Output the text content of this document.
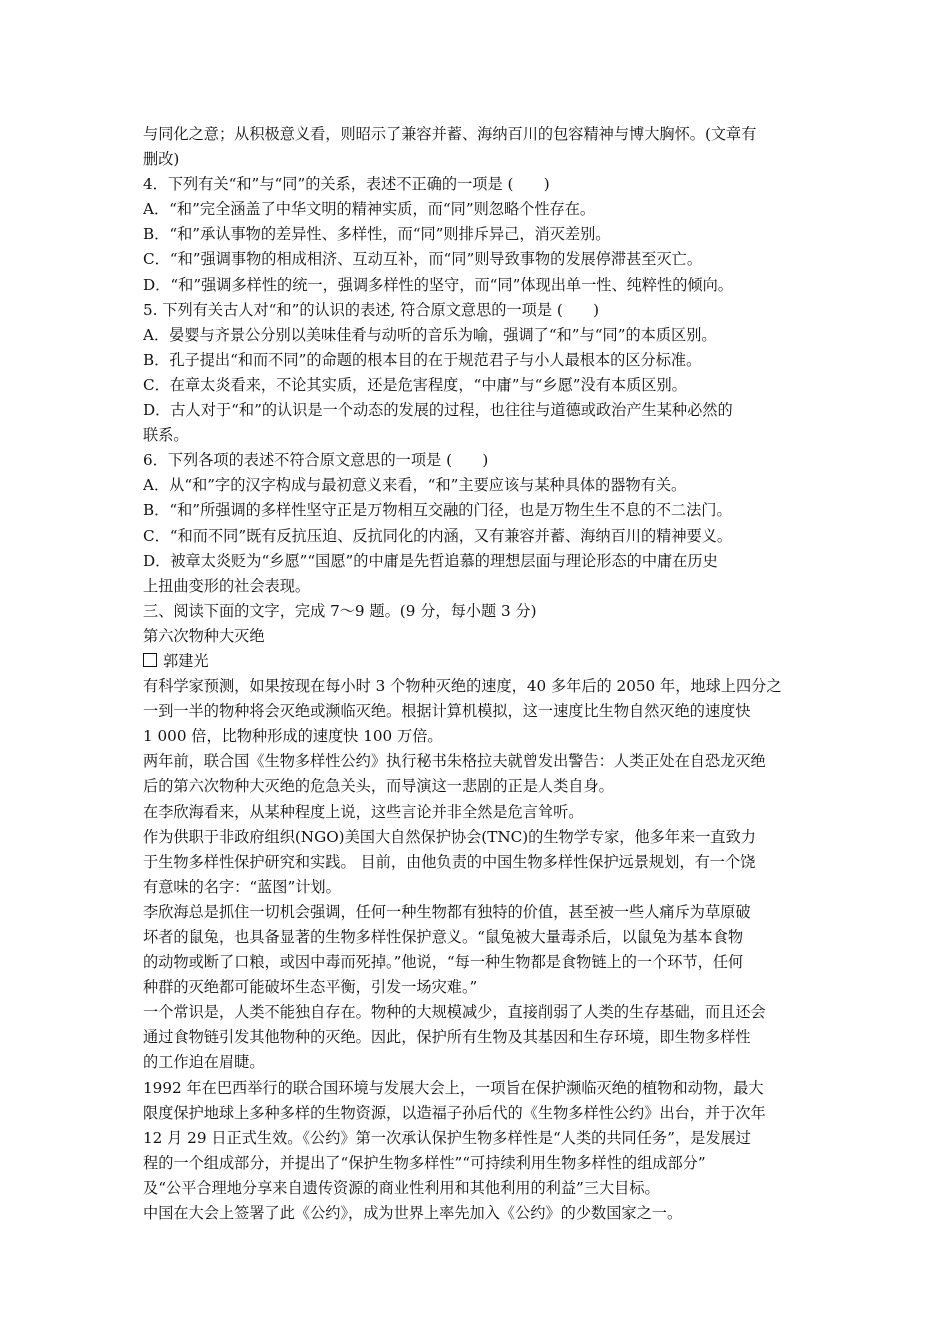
与同化之意；从积极意义看，则昭示了兼容并蓄、海纳百川的包容精神与博大胸怀。(文章有

删改)

4．下列有关“和”与“同”的关系，表述不正确的一项是 (　　)

A．“和”完全涵盖了中华文明的精神实质，而“同”则忽略个性存在。

B．“和”承认事物的差异性、多样性，而“同”则排斥异己，消灭差别。

C．“和”强调事物的相成相济、互动互补，而“同”则导致事物的发展停滞甚至灭亡。

D．“和”强调多样性的统一，强调多样性的坚守，而“同”体现出单一性、纯粹性的倾向。

5. 下列有关古人对“和”的认识的表述, 符合原文意思的一项是 (　　)

A．晏婴与齐景公分别以美味佳肴与动听的音乐为喻，强调了“和”与“同”的本质区别。

B．孔子提出“和而不同”的命题的根本目的在于规范君子与小人最根本的区分标准。

C．在章太炎看来，不论其实质，还是危害程度，“中庸”与“乡愿”没有本质区别。

D．古人对于“和”的认识是一个动态的发展的过程，也往往与道德或政治产生某种必然的

联系。

6．下列各项的表述不符合原文意思的一项是 (　　)

A．从“和”字的汉字构成与最初意义来看，“和”主要应该与某种具体的器物有关。

B．“和”所强调的多样性坚守正是万物相互交融的门径，也是万物生生不息的不二法门。

C．“和而不同”既有反抗压迫、反抗同化的内涵，又有兼容并蓄、海纳百川的精神要义。

D．被章太炎贬为“乡愿”“国愿”的中庸是先哲追慕的理想层面与理论形态的中庸在历史

上扭曲变形的社会表现。

三、阅读下面的文字，完成 7～9 题。(9 分，每小题 3 分)

第六次物种大灭绝

郭建光

有科学家预测，如果按现在每小时 3 个物种灭绝的速度，40 多年后的 2050 年，地球上四分之

一到一半的物种将会灭绝或濒临灭绝。根据计算机模拟，这一速度比生物自然灭绝的速度快

1 000 倍，比物种形成的速度快 100 万倍。

两年前，联合国《生物多样性公约》执行秘书朱格拉夫就曾发出警告：人类正处在自恐龙灭绝

后的第六次物种大灭绝的危急关头，而导演这一悲剧的正是人类自身。

在李欣海看来，从某种程度上说，这些言论并非全然是危言耸听。

作为供职于非政府组织(NGO)美国大自然保护协会(TNC)的生物学专家，他多年来一直致力

于生物多样性保护研究和实践。 目前，由他负责的中国生物多样性保护远景规划，有一个饶

有意味的名字：“蓝图”计划。

李欣海总是抓住一切机会强调，任何一种生物都有独特的价值，甚至被一些人痛斥为草原破

坏者的鼠兔，也具备显著的生物多样性保护意义。“鼠兔被大量毒杀后，以鼠兔为基本食物

的动物或断了口粮，或因中毒而死掉。”他说，“每一种生物都是食物链上的一个环节，任何

种群的灭绝都可能破坏生态平衡，引发一场灾难。”

一个常识是，人类不能独自存在。物种的大规模减少，直接削弱了人类的生存基础，而且还会

通过食物链引发其他物种的灭绝。因此，保护所有生物及其基因和生存环境，即生物多样性

的工作迫在眉睫。

1992 年在巴西举行的联合国环境与发展大会上，一项旨在保护濒临灭绝的植物和动物，最大

限度保护地球上多种多样的生物资源，以造福子孙后代的《生物多样性公约》出台，并于次年

12 月 29 日正式生效。《公约》第一次承认保护生物多样性是“人类的共同任务”，是发展过

程的一个组成部分，并提出了“保护生物多样性”“可持续利用生物多样性的组成部分”

及“公平合理地分享来自遗传资源的商业性利用和其他利用的利益”三大目标。

中国在大会上签署了此《公约》，成为世界上率先加入《公约》的少数国家之一。
